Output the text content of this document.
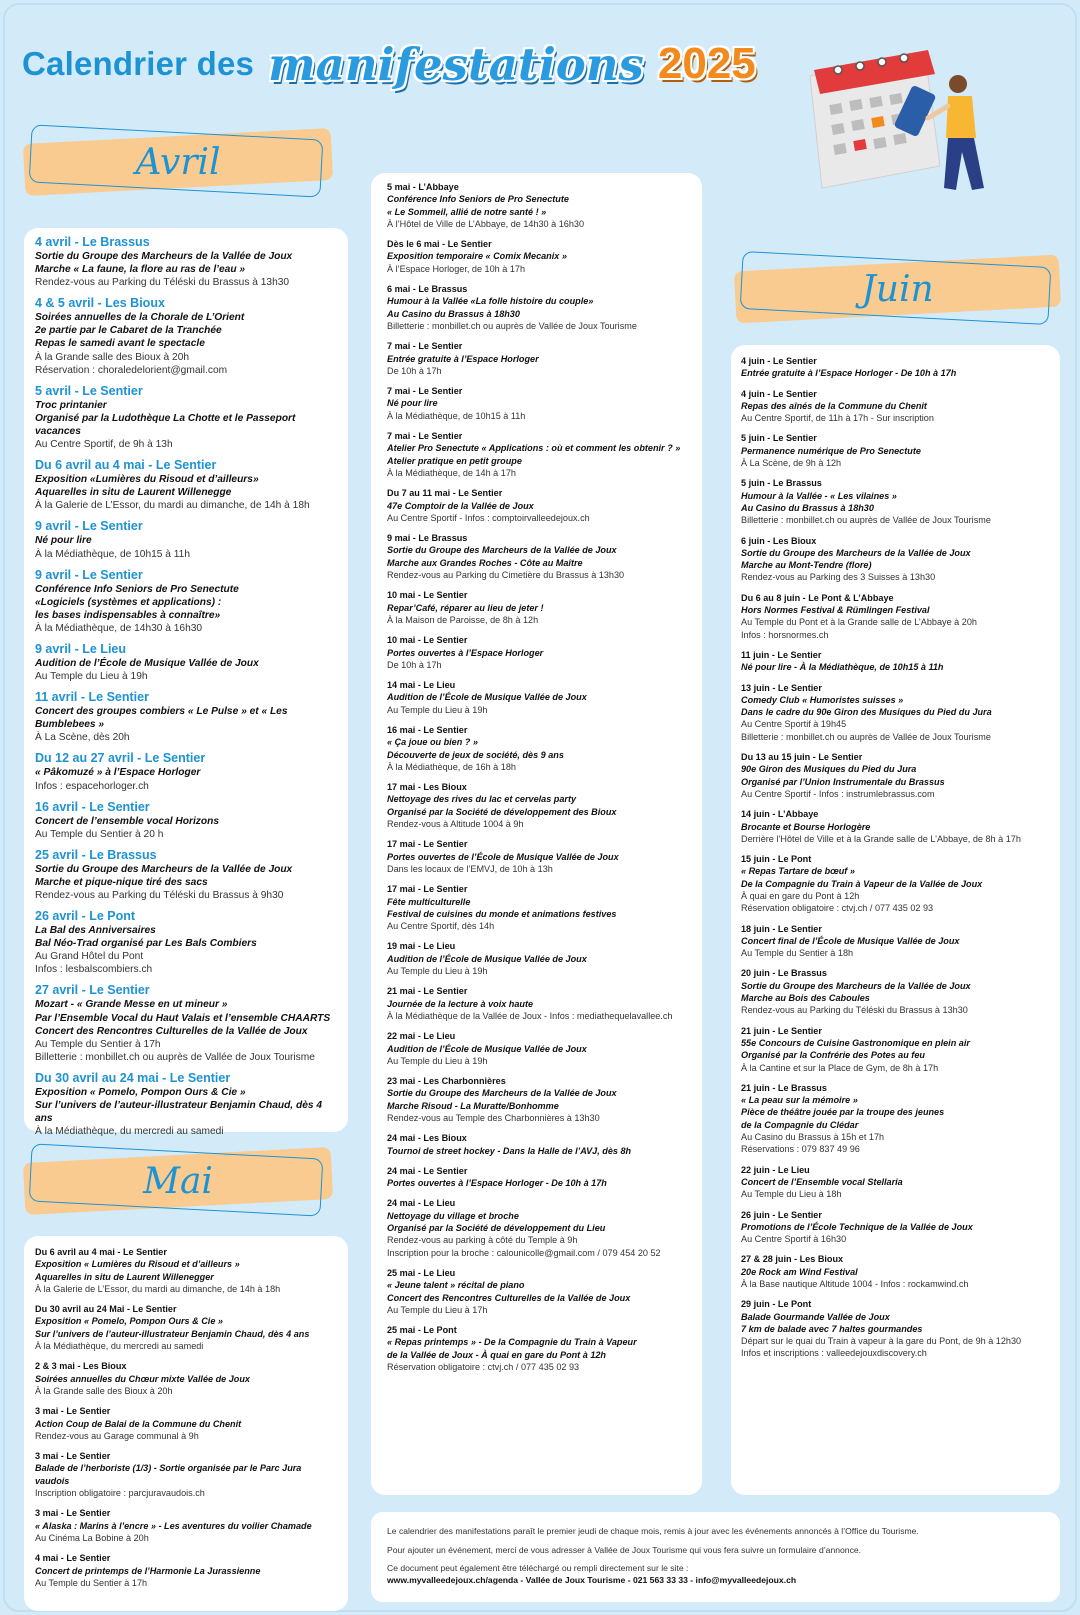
Calendrier des manifestations 2025
Avril
4 avril - Le Brassus
Sortie du Groupe des Marcheurs de la Vallée de Joux
Marche « La faune, la flore au ras de l’eau »
Rendez-vous au Parking du Téléski du Brassus à 13h30
4 & 5 avril - Les Bioux
Soirées annuelles de la Chorale de L’Orient
2e partie par le Cabaret de la Tranchée
Repas le samedi avant le spectacle
À la Grande salle des Bioux à 20h
Réservation : choraledelorient@gmail.com
5 avril - Le Sentier
Troc printanier
Organisé par la Ludothèque La Chotte et le Passeport vacances
Au Centre Sportif, de 9h à 13h
Du 6 avril au 4 mai - Le Sentier
Exposition «Lumières du Risoud et d’ailleurs»
Aquarelles in situ de Laurent Willenegge
À la Galerie de L’Essor, du mardi au dimanche, de 14h à 18h
9 avril - Le Sentier
Né pour lire
À la Médiathèque, de 10h15 à 11h
9 avril - Le Sentier
Conférence Info Seniors de Pro Senectute
«Logiciels (systèmes et applications) :
les bases indispensables à connaître»
À la Médiathèque, de 14h30 à 16h30
9 avril - Le Lieu
Audition de l’École de Musique Vallée de Joux
Au Temple du Lieu à 19h
11 avril - Le Sentier
Concert des groupes combiers « Le Pulse » et « Les Bumblebees »
À La Scène, dès 20h
Du 12 au 27 avril - Le Sentier
« Pâkomuzé » à l’Espace Horloger
Infos : espacehorloger.ch
16 avril - Le Sentier
Concert de l’ensemble vocal Horizons
Au Temple du Sentier à 20 h
25 avril - Le Brassus
Sortie du Groupe des Marcheurs de la Vallée de Joux
Marche et pique-nique tiré des sacs
Rendez-vous au Parking du Téléski du Brassus à 9h30
26 avril - Le Pont
La Bal des Anniversaires
Bal Néo-Trad organisé par Les Bals Combiers
Au Grand Hôtel du Pont
Infos : lesbalscombiers.ch
27 avril - Le Sentier
Mozart - « Grande Messe en ut mineur »
Par l’Ensemble Vocal du Haut Valais et l’ensemble CHAARTS
Concert des Rencontres Culturelles de la Vallée de Joux
Au Temple du Sentier à 17h
Billetterie : monbillet.ch ou auprès de Vallée de Joux Tourisme
Du 30 avril au 24 mai - Le Sentier
Exposition « Pomelo, Pompon Ours & Cie »
Sur l’univers de l’auteur-illustrateur Benjamin Chaud, dès 4 ans
À la Médiathèque, du mercredi au samedi
Mai
Du 6 avril au 4 mai - Le Sentier
Exposition « Lumières du Risoud et d’ailleurs »
Aquarelles in situ de Laurent Willenegger
À la Galerie de L’Essor, du mardi au dimanche, de 14h à 18h
Du 30 avril au 24 Mai - Le Sentier
Exposition « Pomelo, Pompon Ours & Cie »
Sur l’univers de l’auteur-illustrateur Benjamin Chaud, dès 4 ans
À la Médiathèque, du mercredi au samedi
2 & 3 mai - Les Bioux
Soirées annuelles du Chœur mixte Vallée de Joux
À la Grande salle des Bioux à 20h
3 mai - Le Sentier
Action Coup de Balai de la Commune du Chenit
Rendez-vous au Garage communal à 9h
3 mai - Le Sentier
Balade de l’herboriste (1/3) - Sortie organisée par le Parc Jura vaudois
Inscription obligatoire : parcjuravaudois.ch
3 mai - Le Sentier
« Alaska : Marins à l’encre » - Les aventures du voilier Chamade
Au Cinéma La Bobine à 20h
4 mai - Le Sentier
Concert de printemps de l’Harmonie La Jurassienne
Au Temple du Sentier à 17h
5 mai - L’Abbaye
Conférence Info Seniors de Pro Senectute
« Le Sommeil, allié de notre santé ! »
À l’Hôtel de Ville de L’Abbaye, de 14h30 à 16h30
Dès le 6 mai - Le Sentier
Exposition temporaire « Comix Mecanix »
À l’Espace Horloger, de 10h à 17h
6 mai - Le Brassus
Humour à la Vallée «La folle histoire du couple»
Au Casino du Brassus à 18h30
Billetterie : monbillet.ch ou auprès de Vallée de Joux Tourisme
7 mai - Le Sentier
Entrée gratuite à l’Espace Horloger
De 10h à 17h
7 mai - Le Sentier
Né pour lire
À la Médiathèque, de 10h15 à 11h
7 mai - Le Sentier
Atelier Pro Senectute « Applications : où et comment les obtenir ? »
Atelier pratique en petit groupe
À la Médiathèque, de 14h à 17h
Du 7 au 11 mai - Le Sentier
47e Comptoir de la Vallée de Joux
Au Centre Sportif - Infos : comptoirvalleedejoux.ch
9 mai - Le Brassus
Sortie du Groupe des Marcheurs de la Vallée de Joux
Marche aux Grandes Roches - Côte au Maître
Rendez-vous au Parking du Cimetière du Brassus à 13h30
10 mai - Le Sentier
Repar’Café, réparer au lieu de jeter !
À la Maison de Paroisse, de 8h à 12h
10 mai - Le Sentier
Portes ouvertes à l’Espace Horloger
De 10h à 17h
14 mai - Le Lieu
Audition de l’École de Musique Vallée de Joux
Au Temple du Lieu à 19h
16 mai - Le Sentier
« Ça joue ou bien ? »
Découverte de jeux de société, dès 9 ans
À la Médiathèque, de 16h à 18h
17 mai - Les Bioux
Nettoyage des rives du lac et cervelas party
Organisé par la Société de développement des Bioux
Rendez-vous à Altitude 1004 à 9h
17 mai - Le Sentier
Portes ouvertes de l’École de Musique Vallée de Joux
Dans les locaux de l’EMVJ, de 10h à 13h
17 mai - Le Sentier
Fête multiculturelle
Festival de cuisines du monde et animations festives
Au Centre Sportif, dès 14h
19 mai - Le Lieu
Audition de l’École de Musique Vallée de Joux
Au Temple du Lieu à 19h
21 mai - Le Sentier
Journée de la lecture à voix haute
À la Médiathèque de la Vallée de Joux - Infos : mediathequelavallee.ch
22 mai - Le Lieu
Audition de l’École de Musique Vallée de Joux
Au Temple du Lieu à 19h
23 mai - Les Charbonnières
Sortie du Groupe des Marcheurs de la Vallée de Joux
Marche Risoud - La Muratte/Bonhomme
Rendez-vous au Temple des Charbonnières à 13h30
24 mai - Les Bioux
Tournoi de street hockey - Dans la Halle de l’AVJ, dès 8h
24 mai - Le Sentier
Portes ouvertes à l’Espace Horloger - De 10h à 17h
24 mai - Le Lieu
Nettoyage du village et broche
Organisé par la Société de développement du Lieu
Rendez-vous au parking à côté du Temple à 9h
Inscription pour la broche : calounicolle@gmail.com / 079 454 20 52
25 mai - Le Lieu
« Jeune talent » récital de piano
Concert des Rencontres Culturelles de la Vallée de Joux
Au Temple du Lieu à 17h
25 mai - Le Pont
« Repas printemps » - De la Compagnie du Train à Vapeur
de la Vallée de Joux - À quai en gare du Pont à 12h
Réservation obligatoire : ctvj.ch / 077 435 02 93
Juin
4 juin - Le Sentier
Entrée gratuite à l’Espace Horloger - De 10h à 17h
4 juin - Le Sentier
Repas des aînés de la Commune du Chenit
Au Centre Sportif, de 11h à 17h - Sur inscription
5 juin - Le Sentier
Permanence numérique de Pro Senectute
À La Scène, de 9h à 12h
5 juin - Le Brassus
Humour à la Vallée - « Les vilaines »
Au Casino du Brassus à 18h30
Billetterie : monbillet.ch ou auprès de Vallée de Joux Tourisme
6 juin - Les Bioux
Sortie du Groupe des Marcheurs de la Vallée de Joux
Marche au Mont-Tendre (flore)
Rendez-vous au Parking des 3 Suisses à 13h30
Du 6 au 8 juin - Le Pont & L’Abbaye
Hors Normes Festival & Rümlingen Festival
Au Temple du Pont et à la Grande salle de L’Abbaye à 20h
Infos : horsnormes.ch
11 juin - Le Sentier
Né pour lire - À la Médiathèque, de 10h15 à 11h
13 juin - Le Sentier
Comedy Club « Humoristes suisses »
Dans le cadre du 90e Giron des Musiques du Pied du Jura
Au Centre Sportif à 19h45
Billetterie : monbillet.ch ou auprès de Vallée de Joux Tourisme
Du 13 au 15 juin - Le Sentier
90e Giron des Musiques du Pied du Jura
Organisé par l’Union Instrumentale du Brassus
Au Centre Sportif - Infos : instrumlebrassus.com
14 juin - L’Abbaye
Brocante et Bourse Horlogère
Derrière l’Hôtel de Ville et à la Grande salle de L’Abbaye, de 8h à 17h
15 juin - Le Pont
« Repas Tartare de bœuf »
De la Compagnie du Train à Vapeur de la Vallée de Joux
À quai en gare du Pont à 12h
Réservation obligatoire : ctvj.ch / 077 435 02 93
18 juin - Le Sentier
Concert final de l’École de Musique Vallée de Joux
Au Temple du Sentier à 18h
20 juin - Le Brassus
Sortie du Groupe des Marcheurs de la Vallée de Joux
Marche au Bois des Caboules
Rendez-vous au Parking du Téléski du Brassus à 13h30
21 juin - Le Sentier
55e Concours de Cuisine Gastronomique en plein air
Organisé par la Confrérie des Potes au feu
À la Cantine et sur la Place de Gym, de 8h à 17h
21 juin - Le Brassus
« La peau sur la mémoire »
Pièce de théâtre jouée par la troupe des jeunes
de la Compagnie du Clédar
Au Casino du Brassus à 15h et 17h
Réservations : 079 837 49 96
22 juin - Le Lieu
Concert de l’Ensemble vocal Stellaria
Au Temple du Lieu à 18h
26 juin - Le Sentier
Promotions de l’École Technique de la Vallée de Joux
Au Centre Sportif à 16h30
27 & 28 juin - Les Bioux
20e Rock am Wind Festival
À la Base nautique Altitude 1004 - Infos : rockamwind.ch
29 juin - Le Pont
Balade Gourmande Vallée de Joux
7 km de balade avec 7 haltes gourmandes
Départ sur le quai du Train à vapeur à la gare du Pont, de 9h à 12h30
Infos et inscriptions : valleedejouxdiscovery.ch

Le calendrier des manifestations paraît le premier jeudi de chaque mois, remis à jour avec les événements annoncés à l’Office du Tourisme.

Pour ajouter un événement, merci de vous adresser à Vallée de Joux Tourisme qui vous fera suivre un formulaire d’annonce.

Ce document peut également être téléchargé ou rempli directement sur le site :

www.myvalleedejoux.ch/agenda - Vallée de Joux Tourisme - 021 563 33 33 - info@myvalleedejoux.ch
